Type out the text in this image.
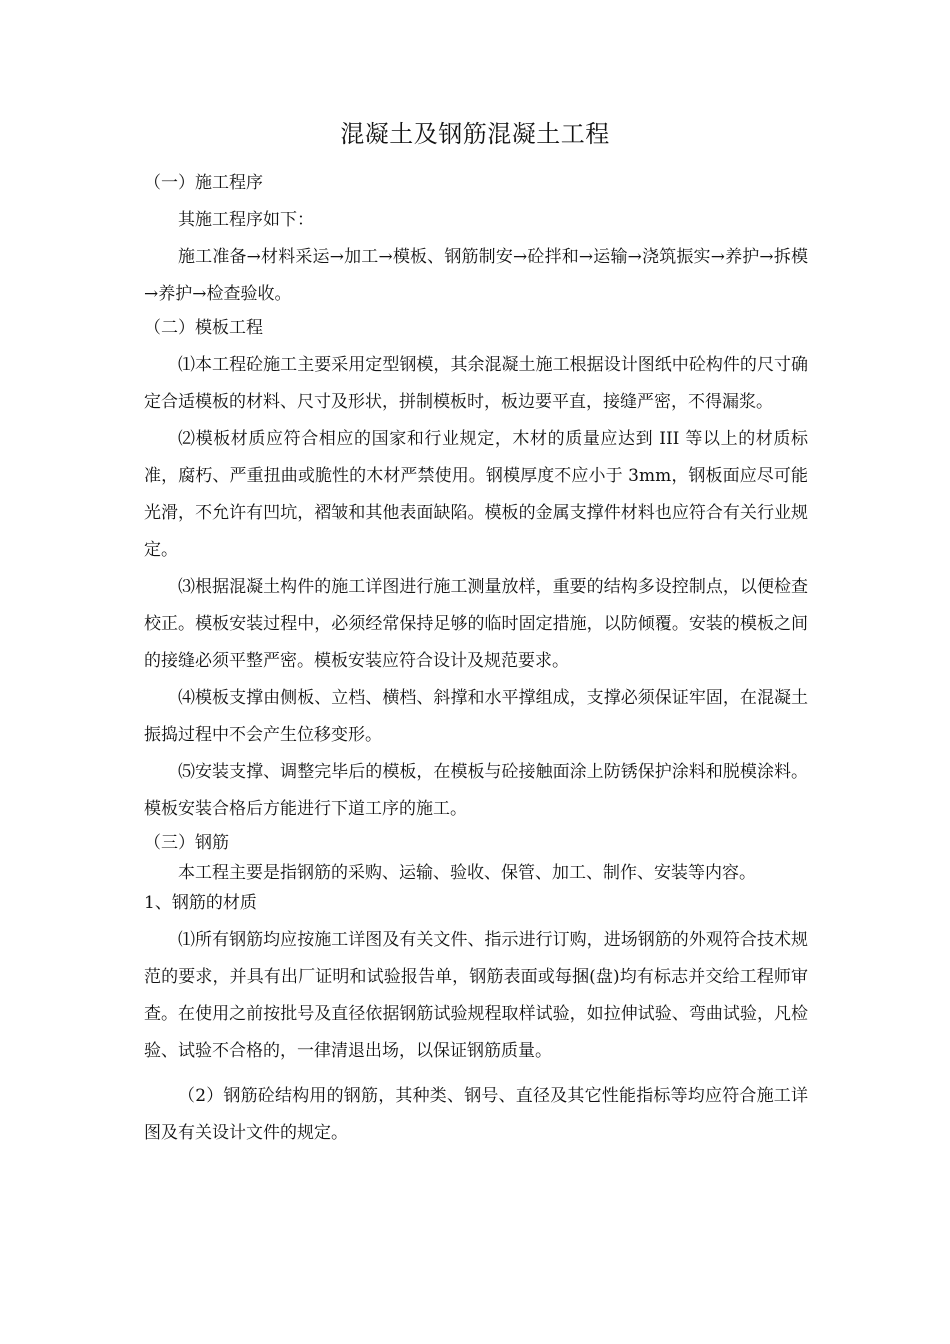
混凝土及钢筋混凝土工程
（一）施工程序

其施工程序如下：

施工准备→材料采运→加工→模板、钢筋制安→砼拌和→运输→浇筑振实→养护→拆模→养护→检查验收。

（二）模板工程

⑴本工程砼施工主要采用定型钢模，其余混凝土施工根据设计图纸中砼构件的尺寸确定合适模板的材料、尺寸及形状，拼制模板时，板边要平直，接缝严密，不得漏浆。

⑵模板材质应符合相应的国家和行业规定，木材的质量应达到 III 等以上的材质标准，腐朽、严重扭曲或脆性的木材严禁使用。钢模厚度不应小于 3mm，钢板面应尽可能光滑，不允许有凹坑，褶皱和其他表面缺陷。模板的金属支撑件材料也应符合有关行业规定。

⑶根据混凝土构件的施工详图进行施工测量放样，重要的结构多设控制点，以便检查校正。模板安装过程中，必须经常保持足够的临时固定措施，以防倾覆。安装的模板之间的接缝必须平整严密。模板安装应符合设计及规范要求。

⑷模板支撑由侧板、立档、横档、斜撑和水平撑组成，支撑必须保证牢固，在混凝土振捣过程中不会产生位移变形。

⑸安装支撑、调整完毕后的模板，在模板与砼接触面涂上防锈保护涂料和脱模涂料。模板安装合格后方能进行下道工序的施工。

（三）钢筋

本工程主要是指钢筋的采购、运输、验收、保管、加工、制作、安装等内容。

1、钢筋的材质

⑴所有钢筋均应按施工详图及有关文件、指示进行订购，进场钢筋的外观符合技术规范的要求，并具有出厂证明和试验报告单，钢筋表面或每捆(盘)均有标志并交给工程师审查。在使用之前按批号及直径依据钢筋试验规程取样试验，如拉伸试验、弯曲试验，凡检验、试验不合格的，一律清退出场，以保证钢筋质量。

（2）钢筋砼结构用的钢筋，其种类、钢号、直径及其它性能指标等均应符合施工详图及有关设计文件的规定。
